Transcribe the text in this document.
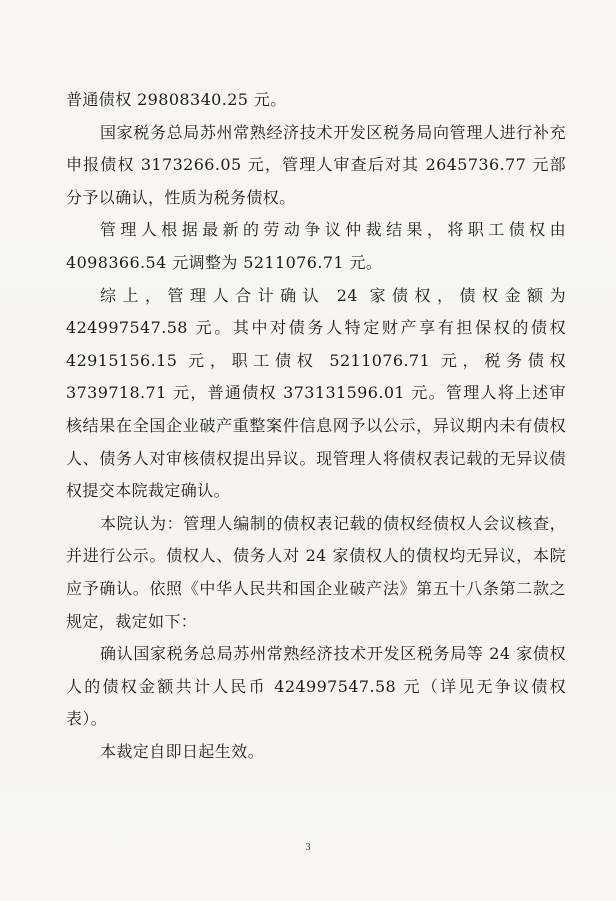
普通债权 29808340.25 元。

国家税务总局苏州常熟经济技术开发区税务局向管理人进行补充申报债权 3173266.05 元，管理人审查后对其 2645736.77 元部分予以确认，性质为税务债权。

管理人根据最新的劳动争议仲裁结果，将职工债权由 4098366.54 元调整为 5211076.71 元。

综上，管理人合计确认 24 家债权，债权金额为 424997547.58 元。其中对债务人特定财产享有担保权的债权 42915156.15 元，职工债权 5211076.71 元，税务债权 3739718.71 元，普通债权 373131596.01 元。管理人将上述审核结果在全国企业破产重整案件信息网予以公示，异议期内未有债权人、债务人对审核债权提出异议。现管理人将债权表记载的无异议债权提交本院裁定确认。

本院认为：管理人编制的债权表记载的债权经债权人会议核查，并进行公示。债权人、债务人对 24 家债权人的债权均无异议，本院应予确认。依照《中华人民共和国企业破产法》第五十八条第二款之规定，裁定如下：

确认国家税务总局苏州常熟经济技术开发区税务局等 24 家债权人的债权金额共计人民币 424997547.58 元（详见无争议债权表）。

本裁定自即日起生效。

3
